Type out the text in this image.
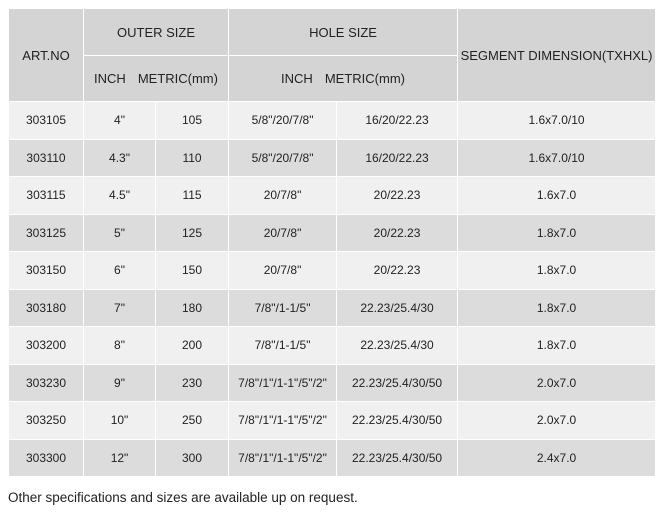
ART.NO	OUTER SIZE		HOLE SIZE		SEGMENT DIMENSION(TXHXL)

	INCH METRIC(mm)		INCH METRIC(mm)		

303105	4"	105	5/8"/20/7/8"	16/20/22.23	1.6x7.0/10
303110	4.3"	110	5/8"/20/7/8"	16/20/22.23	1.6x7.0/10
303115	4.5"	115	20/7/8"	20/22.23	1.6x7.0
303125	5"	125	20/7/8"	20/22.23	1.8x7.0
303150	6"	150	20/7/8"	20/22.23	1.8x7.0
303180	7"	180	7/8"/1-1/5"	22.23/25.4/30	1.8x7.0
303200	8"	200	7/8"/1-1/5"	22.23/25.4/30	1.8x7.0
303230	9"	230	7/8"/1"/1-1"/5"/2"	22.23/25.4/30/50	2.0x7.0
303250	10"	250	7/8"/1"/1-1"/5"/2"	22.23/25.4/30/50	2.0x7.0
303300	12"	300	7/8"/1"/1-1"/5"/2"	22.23/25.4/30/50	2.4x7.0
Other specifications and sizes are available up on request.
